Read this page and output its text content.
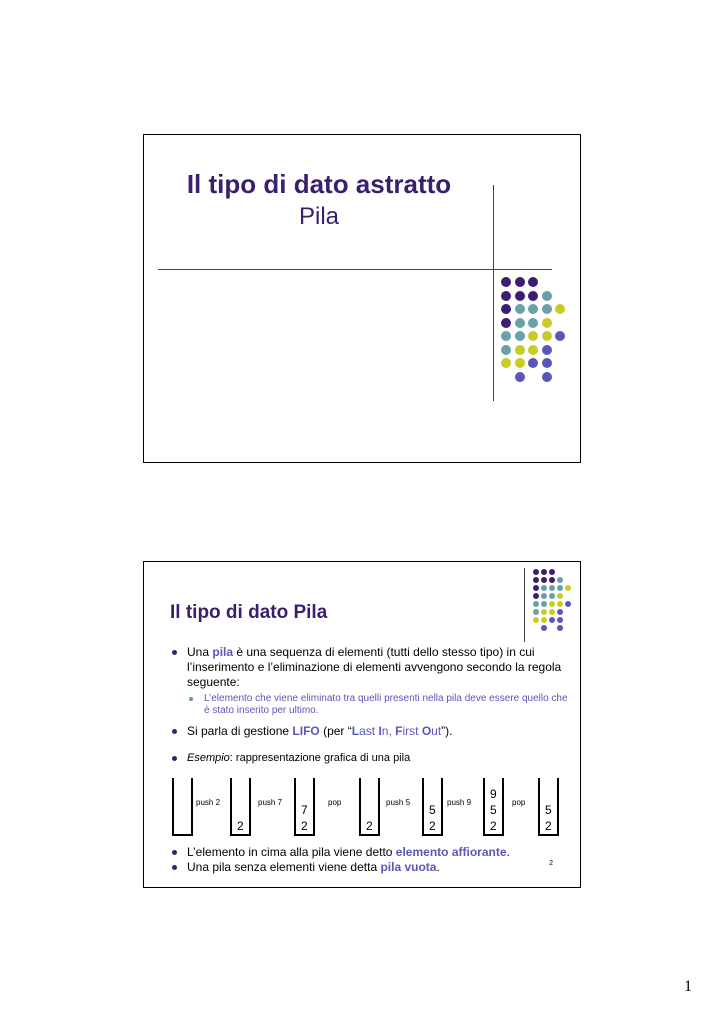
Il tipo di dato astratto
Pila
Il tipo di dato Pila
Una pila è una sequenza di elementi (tutti dello stesso tipo) in cui l’inserimento e l’eliminazione di elementi avvengono secondo la regola seguente:
L’elemento che viene eliminato tra quelli presenti nella pila deve essere quello che è stato inserito per ultimo.
Si parla di gestione LIFO (per “Last In, First Out”).
Esempio: rappresentazione grafica di una pila
2
7
2	2
5
2
9
5
2
5
2
push 2	push 7	pop	push 5	push 9	pop
L’elemento in cima alla pila viene detto elemento affiorante.
Una pila senza elementi viene detta pila vuota.	2
1
